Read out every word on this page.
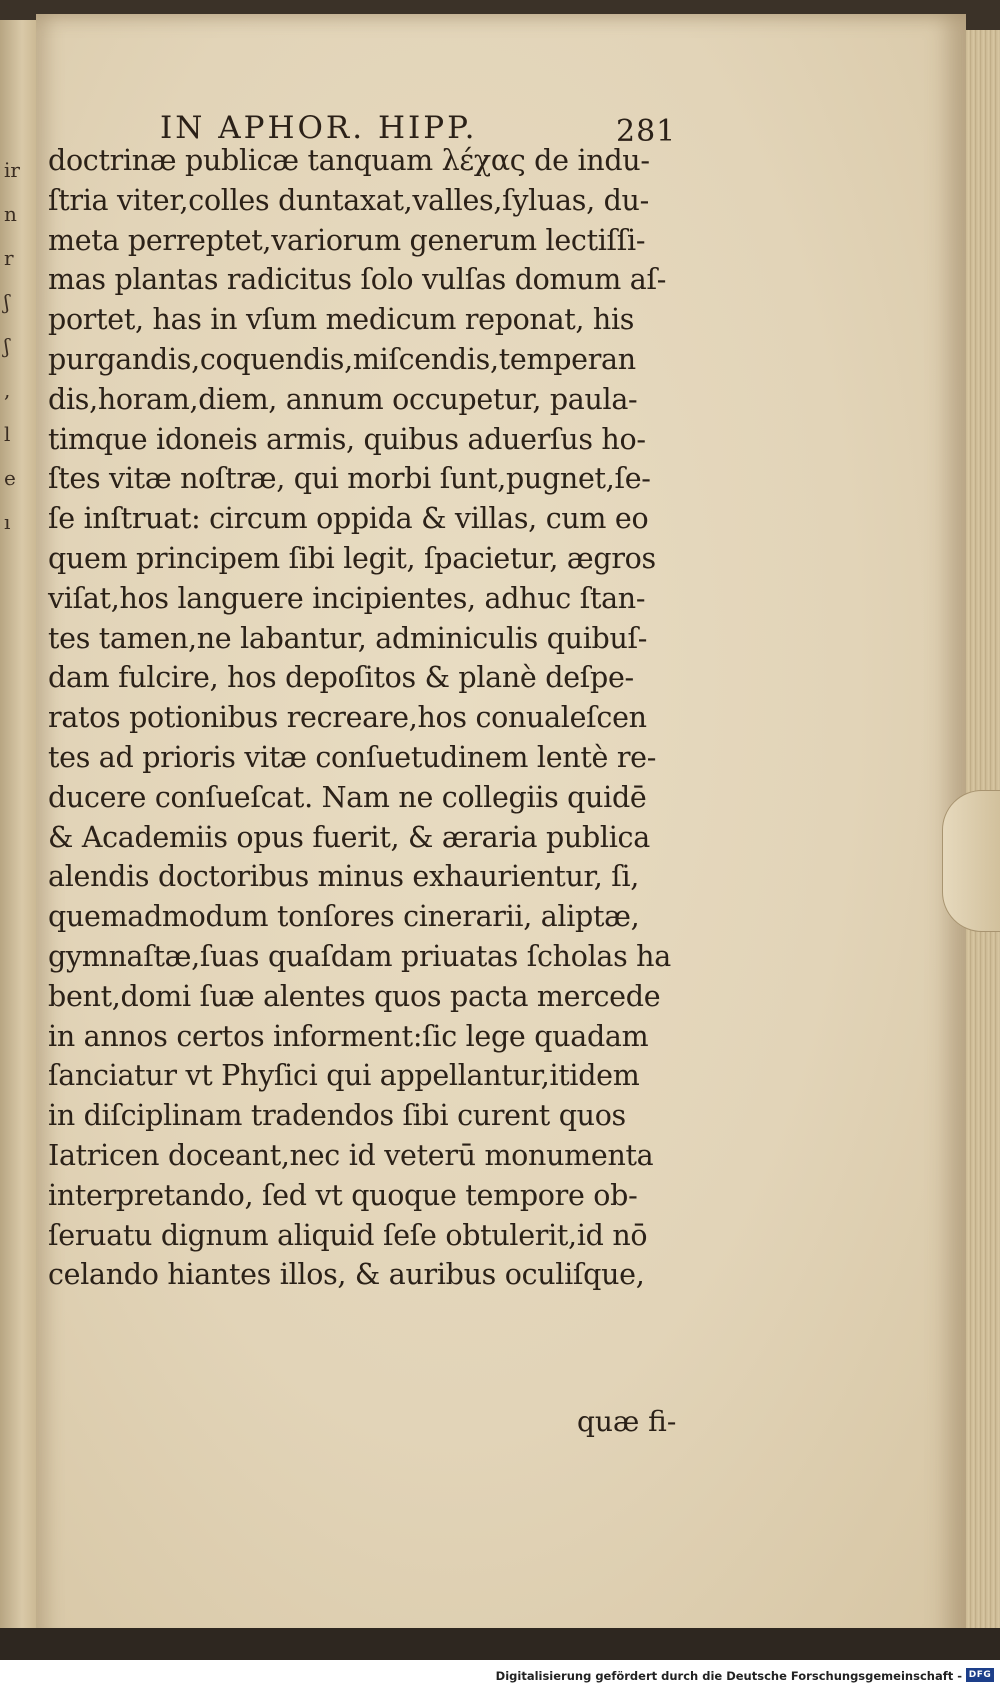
ir
n
r
ʃ
ʃ
,
l
e
ı
IN APHOR. HIPP.	281
doctrinæ publicæ tanquam λέχας de indu-
ſtria viter,colles duntaxat,valles,ſyluas, du-
meta perreptet,variorum generum lectiſſi-
mas plantas radicitus ſolo vulſas domum aſ-
portet, has in vſum medicum reponat, his
purgandis,coquendis,miſcendis,temperan
dis,horam,diem, annum occupetur, paula-
timque idoneis armis, quibus aduerſus ho-
ſtes vitæ noſtræ, qui morbi ſunt,pugnet,ſe-
ſe inſtruat: circum oppida & villas, cum eo
quem principem ſibi legit, ſpacietur, ægros
viſat,hos languere incipientes, adhuc ſtan-
tes tamen,ne labantur, adminiculis quibuſ-
dam fulcire, hos depoſitos & planè deſpe-
ratos potionibus recreare,hos conualeſcen
tes ad prioris vitæ conſuetudinem lentè re-
ducere conſueſcat. Nam ne collegiis quidē
& Academiis opus fuerit, & æraria publica
alendis doctoribus minus exhaurientur, ſi,
quemadmodum tonſores cinerarii, aliptæ,
gymnaſtæ,ſuas quaſdam priuatas ſcholas ha
bent,domi ſuæ alentes quos pacta mercede
in annos certos informent:ſic lege quadam
ſanciatur vt Phyſici qui appellantur,itidem
in diſciplinam tradendos ſibi curent quos
Iatricen doceant,nec id veterū monumenta
interpretando, ſed vt quoque tempore ob-
ſeruatu dignum aliquid ſeſe obtulerit,id nō
celando hiantes illos, & auribus oculiſque,
quæ fi-
Digitalisierung gefördert durch die Deutsche Forschungsgemeinschaft - DFG
